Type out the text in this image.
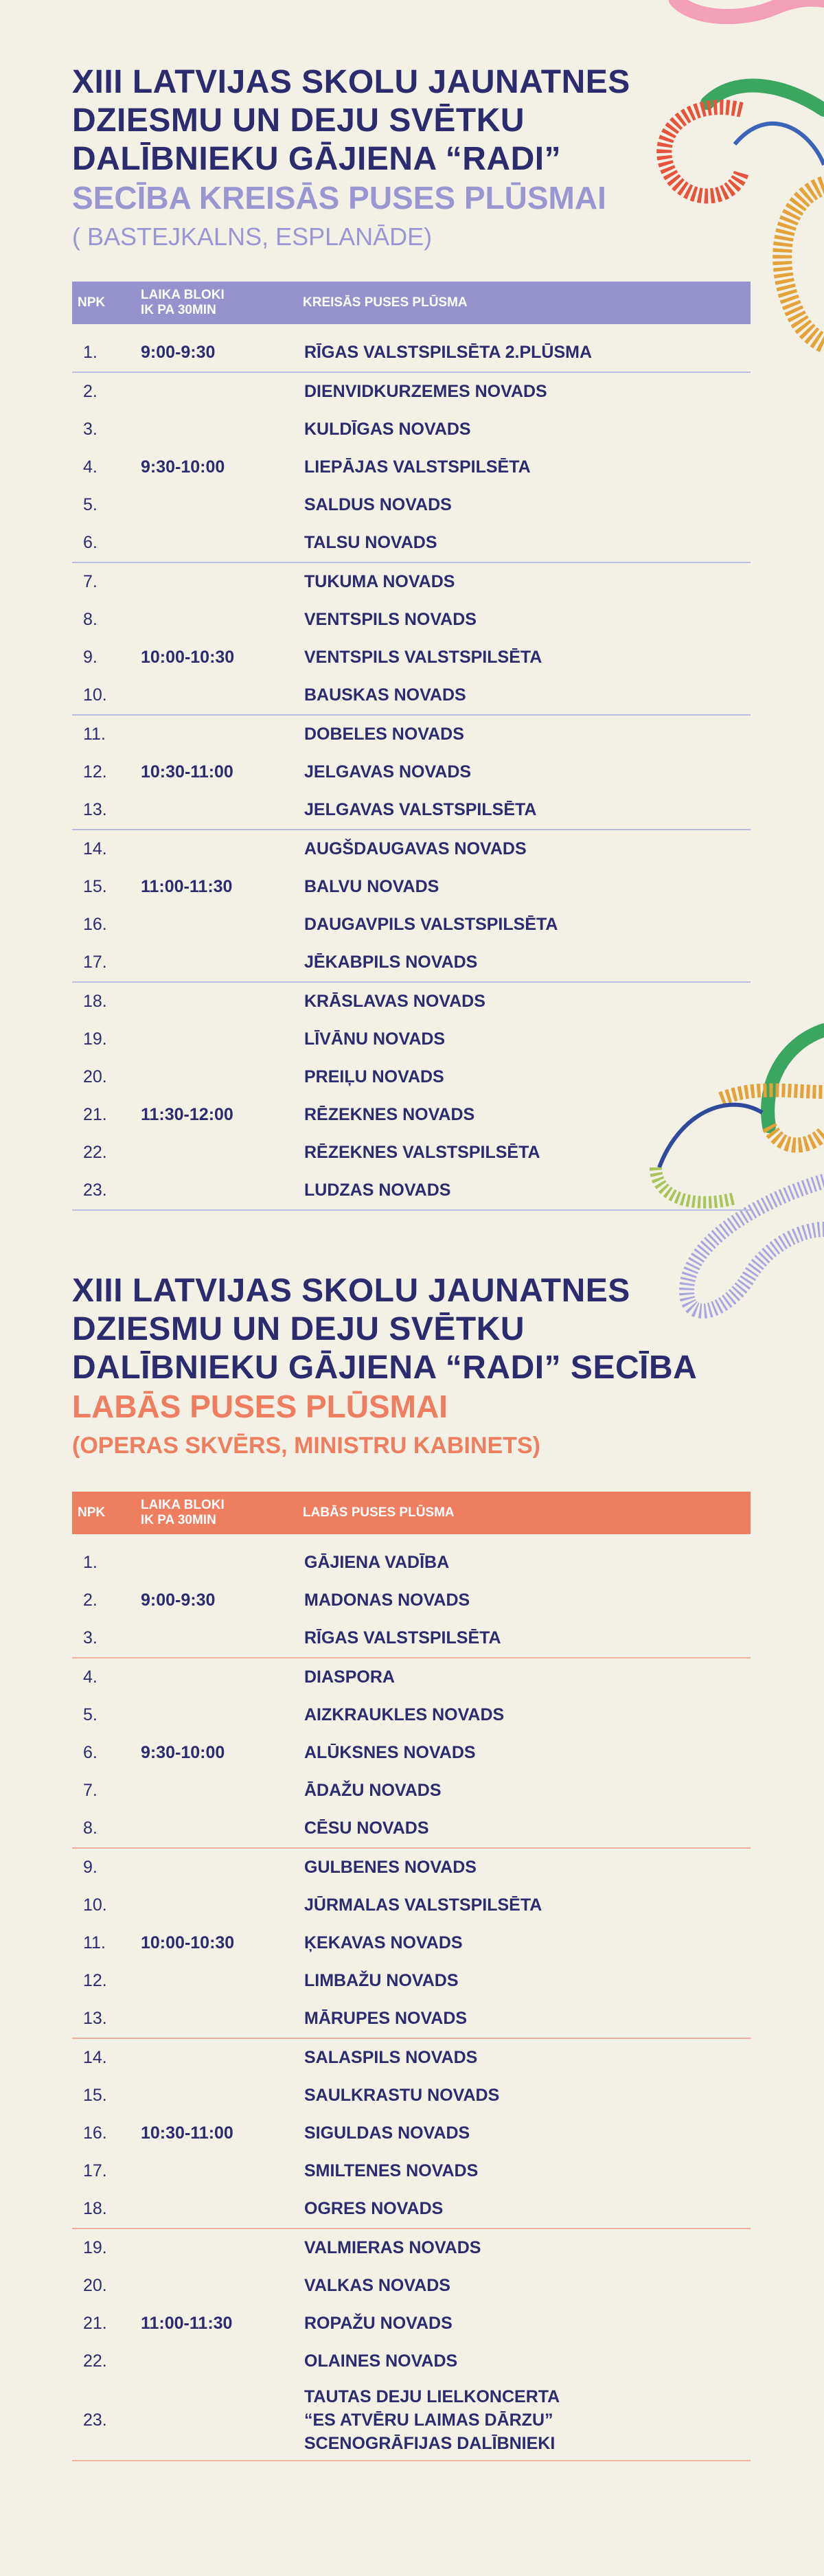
XIII LATVIJAS SKOLU JAUNATNES

DZIESMU UN DEJU SVĒTKU

DALĪBNIEKU GĀJIENA “RADI”

SECĪBA KREISĀS PUSES PLŪSMAI

( BASTEJKALNS, ESPLANĀDE)

NPK	LAIKA BLOKI
IK PA 30MIN	KREISĀS PUSES PLŪSMA
1.	9:00-9:30	RĪGAS VALSTSPILSĒTA 2.PLŪSMA
2.		DIENVIDKURZEMES NOVADS
3.		KULDĪGAS NOVADS
4.	9:30-10:00	LIEPĀJAS VALSTSPILSĒTA
5.		SALDUS NOVADS
6.		TALSU NOVADS
7.		TUKUMA NOVADS
8.		VENTSPILS NOVADS
9.	10:00-10:30	VENTSPILS VALSTSPILSĒTA
10.		BAUSKAS NOVADS
11.		DOBELES NOVADS
12.	10:30-11:00	JELGAVAS NOVADS
13.		JELGAVAS VALSTSPILSĒTA
14.		AUGŠDAUGAVAS NOVADS
15.	11:00-11:30	BALVU NOVADS
16.		DAUGAVPILS VALSTSPILSĒTA
17.		JĒKABPILS NOVADS
18.		KRĀSLAVAS NOVADS
19.		LĪVĀNU NOVADS
20.		PREIĻU NOVADS
21.	11:30-12:00	RĒZEKNES NOVADS
22.		RĒZEKNES VALSTSPILSĒTA
23.		LUDZAS NOVADS

XIII LATVIJAS SKOLU JAUNATNES

DZIESMU UN DEJU SVĒTKU

DALĪBNIEKU GĀJIENA “RADI” SECĪBA

LABĀS PUSES PLŪSMAI

(OPERAS SKVĒRS, MINISTRU KABINETS)

NPK	LAIKA BLOKI
IK PA 30MIN	LABĀS PUSES PLŪSMA
1.		GĀJIENA VADĪBA
2.	9:00-9:30	MADONAS NOVADS
3.		RĪGAS VALSTSPILSĒTA
4.		DIASPORA
5.		AIZKRAUKLES NOVADS
6.	9:30-10:00	ALŪKSNES NOVADS
7.		ĀDAŽU NOVADS
8.		CĒSU NOVADS
9.		GULBENES NOVADS
10.		JŪRMALAS VALSTSPILSĒTA
11.	10:00-10:30	ĶEKAVAS NOVADS
12.		LIMBAŽU NOVADS
13.		MĀRUPES NOVADS
14.		SALASPILS NOVADS
15.		SAULKRASTU NOVADS
16.	10:30-11:00	SIGULDAS NOVADS
17.		SMILTENES NOVADS
18.		OGRES NOVADS
19.		VALMIERAS NOVADS
20.		VALKAS NOVADS
21.	11:00-11:30	ROPAŽU NOVADS
22.		OLAINES NOVADS
23.		TAUTAS DEJU LIELKONCERTA
“ES ATVĒRU LAIMAS DĀRZU”
SCENOGRĀFIJAS DALĪBNIEKI
